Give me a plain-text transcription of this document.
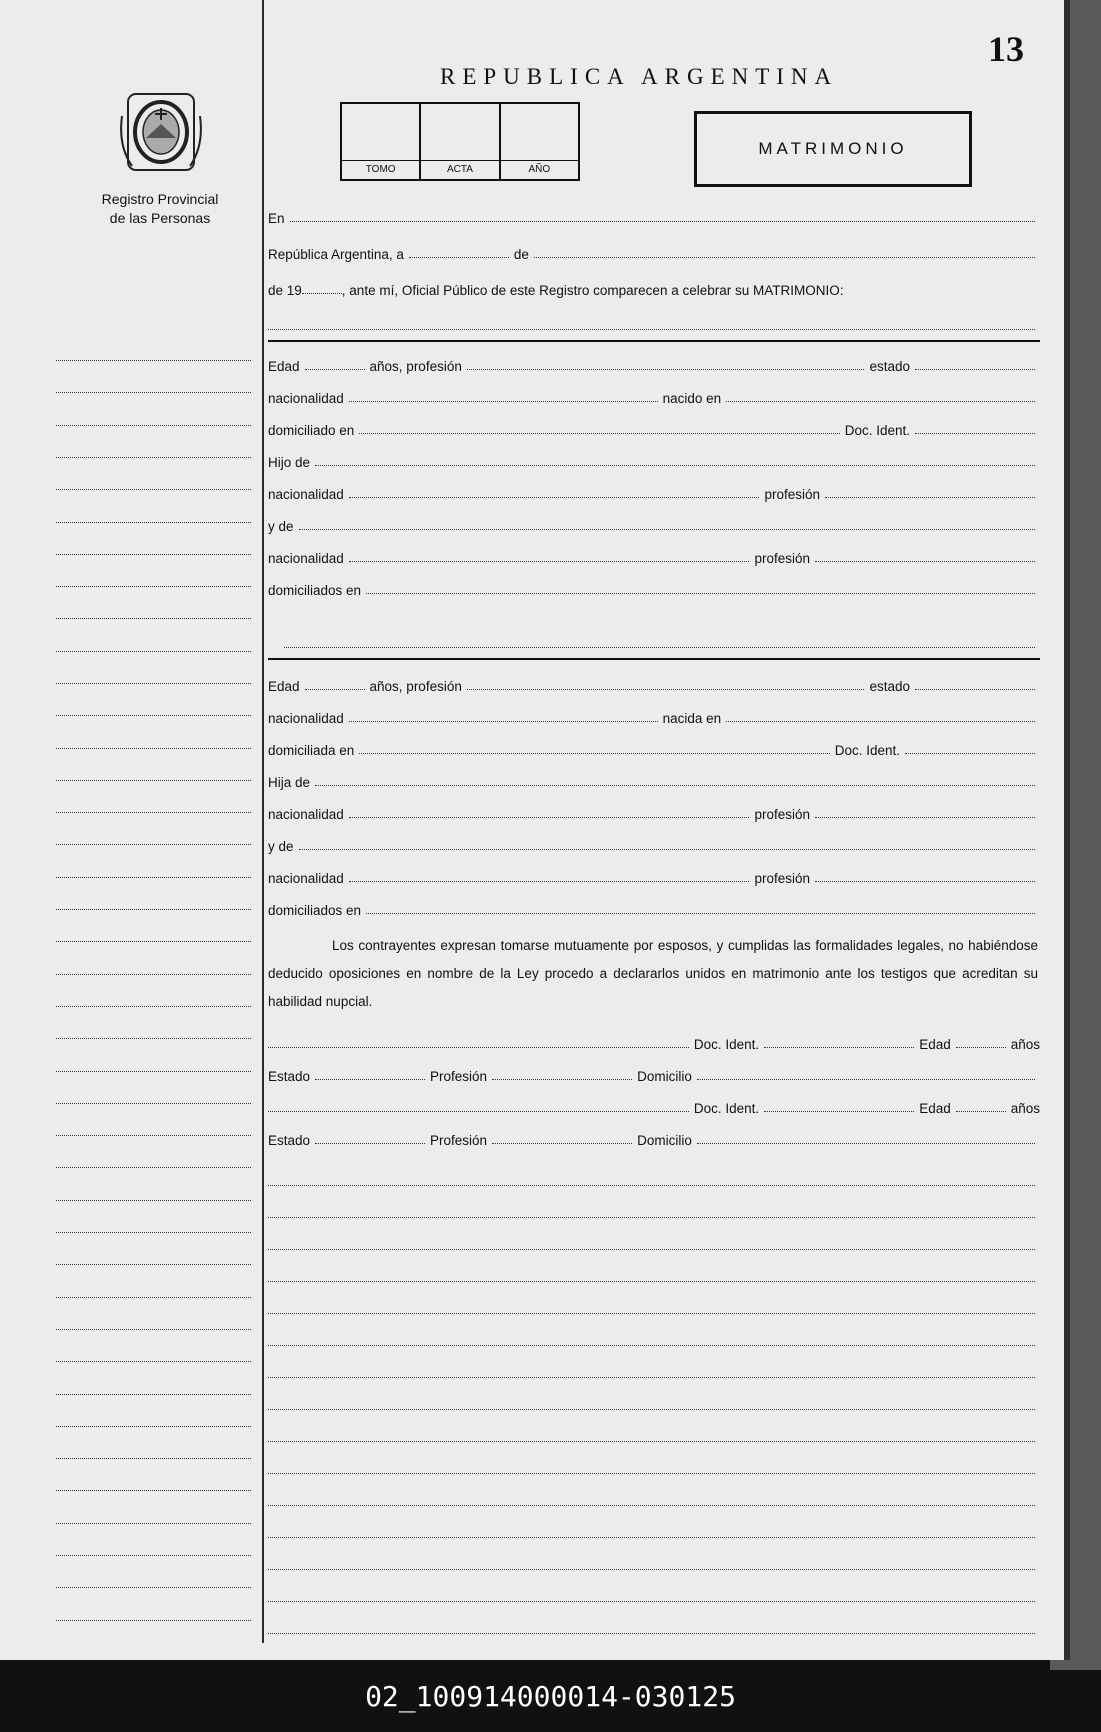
13
REPUBLICA ARGENTINA
Registro Provincial
de las Personas
TOMO	ACTA	AÑO
MATRIMONIO
En
República Argentina, a	de
de 19	, ante mí, Oficial Público de este Registro comparecen a celebrar su MATRIMONIO:
Edad	años, profesión	estado
nacionalidad	nacido en
domiciliado en	Doc. Ident.
Hijo de
nacionalidad	profesión
y de
nacionalidad	profesión
domiciliados en
Edad	años, profesión	estado
nacionalidad	nacida en
domiciliada en	Doc. Ident.
Hija de
nacionalidad	profesión
y de
nacionalidad	profesión
domiciliados en
Los contrayentes expresan tomarse mutuamente por esposos, y cumplidas las formalidades legales, no habiéndose deducido oposiciones en nombre de la Ley procedo a declararlos unidos en matrimonio ante los testigos que acreditan su habilidad nupcial.
Doc. Ident.	Edad	años
Estado	Profesión	Domicilio
Doc. Ident.	Edad	años
Estado	Profesión	Domicilio
02_100914000014-030125
